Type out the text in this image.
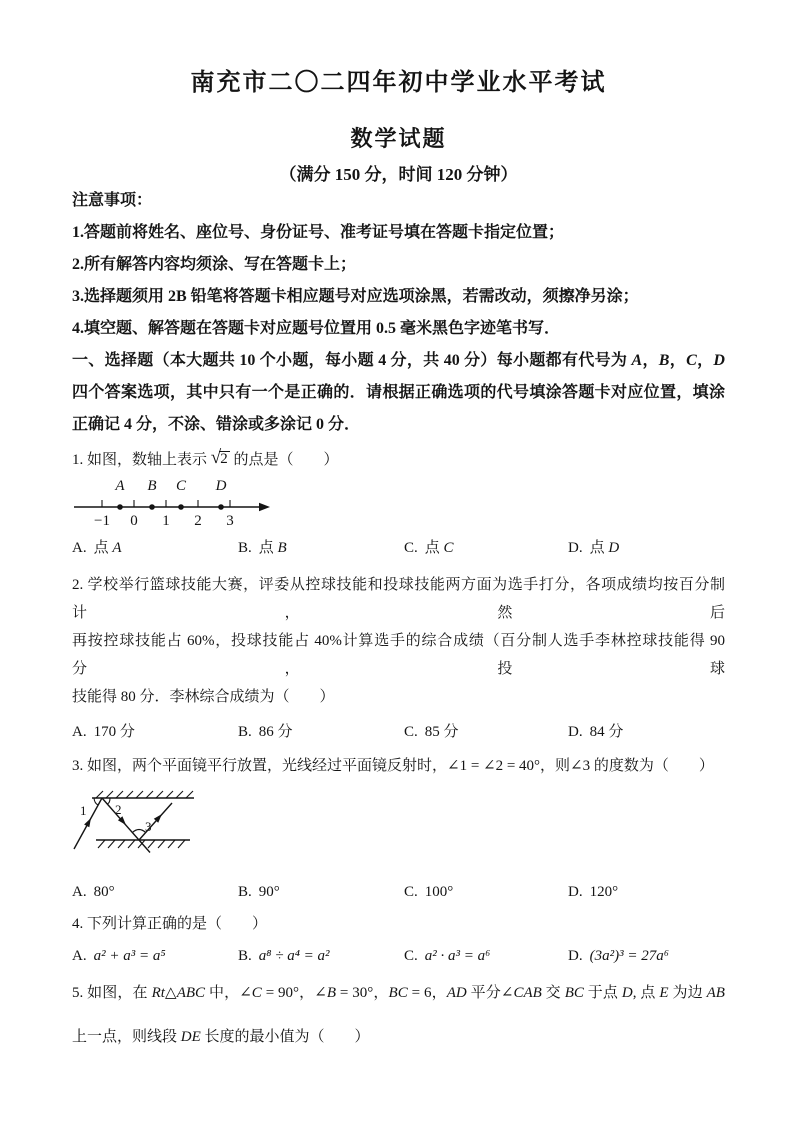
南充市二〇二四年初中学业水平考试
数学试题
（满分 150 分，时间 120 分钟）
注意事项：
1.答题前将姓名、座位号、身份证号、准考证号填在答题卡指定位置；
2.所有解答内容均须涂、写在答题卡上；
3.选择题须用 2B 铅笔将答题卡相应题号对应选项涂黑，若需改动，须擦净另涂；
4.填空题、解答题在答题卡对应题号位置用 0.5 毫米黑色字迹笔书写．
一、选择题（本大题共 10 个小题，每小题 4 分，共 40 分）每小题都有代号为 A，B，C，D
四个答案选项，其中只有一个是正确的．请根据正确选项的代号填涂答题卡对应位置，填涂
正确记 4 分，不涂、错涂或多涂记 0 分．
1. 如图，数轴上表示 √2 的点是（　　）
−1 0 1 2 3
A B C D
A. 点 A	B. 点 B	C. 点 C	D. 点 D
2. 学校举行篮球技能大赛，评委从控球技能和投球技能两方面为选手打分，各项成绩均按百分制计，然后
再按控球技能占 60%，投球技能占 40%计算选手的综合成绩（百分制人选手李林控球技能得 90 分，投球
技能得 80 分．李林综合成绩为（　　）
A. 170 分	B. 86 分	C. 85 分	D. 84 分
3. 如图，两个平面镜平行放置，光线经过平面镜反射时，∠1 = ∠2 = 40°，则∠3 的度数为（　　）
1 2
3
A. 80°	B. 90°	C. 100°	D. 120°
4. 下列计算正确的是（　　）
A. a² + a³ = a⁵	B. a⁸ ÷ a⁴ = a²	C. a² · a³ = a⁶	D. (3a²)³ = 27a⁶
5. 如图，在 Rt△ABC 中，∠C = 90°，∠B = 30°，BC = 6，AD 平分∠CAB 交 BC 于点 D, 点 E 为边 AB
上一点，则线段 DE 长度的最小值为（　　）
